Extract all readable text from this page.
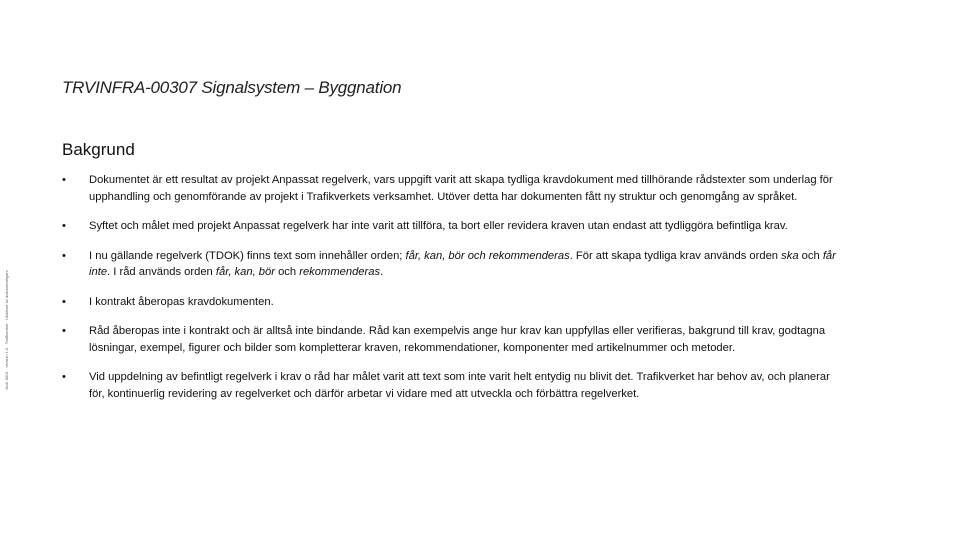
TRVINFRA-00307 Signalsystem – Byggnation
Bakgrund
Mall: 8001 · Version 1.0 · Trafikverket · Utskrivet av dokumentägare
•	Dokumentet är ett resultat av projekt Anpassat regelverk, vars uppgift varit att skapa tydliga kravdokument med tillhörande rådstexter som underlag för upphandling och genomförande av projekt i Trafikverkets verksamhet. Utöver detta har dokumenten fått ny struktur och genomgång av språket.
•	Syftet och målet med projekt Anpassat regelverk har inte varit att tillföra, ta bort eller revidera kraven utan endast att tydliggöra befintliga krav.
•	I nu gällande regelverk (TDOK) finns text som innehåller orden; får, kan, bör och rekommenderas. För att skapa tydliga krav används orden ska och får inte. I råd används orden får, kan, bör och rekommenderas.
•	I kontrakt åberopas kravdokumenten.
•	Råd åberopas inte i kontrakt och är alltså inte bindande. Råd kan exempelvis ange hur krav kan uppfyllas eller verifieras, bakgrund till krav, godtagna lösningar, exempel, figurer och bilder som kompletterar kraven, rekommendationer, komponenter med artikelnummer och metoder.
•	Vid uppdelning av befintligt regelverk i krav o råd har målet varit att text som inte varit helt entydig nu blivit det. Trafikverket har behov av, och planerar för, kontinuerlig revidering av regelverket och därför arbetar vi vidare med att utveckla och förbättra regelverket.
